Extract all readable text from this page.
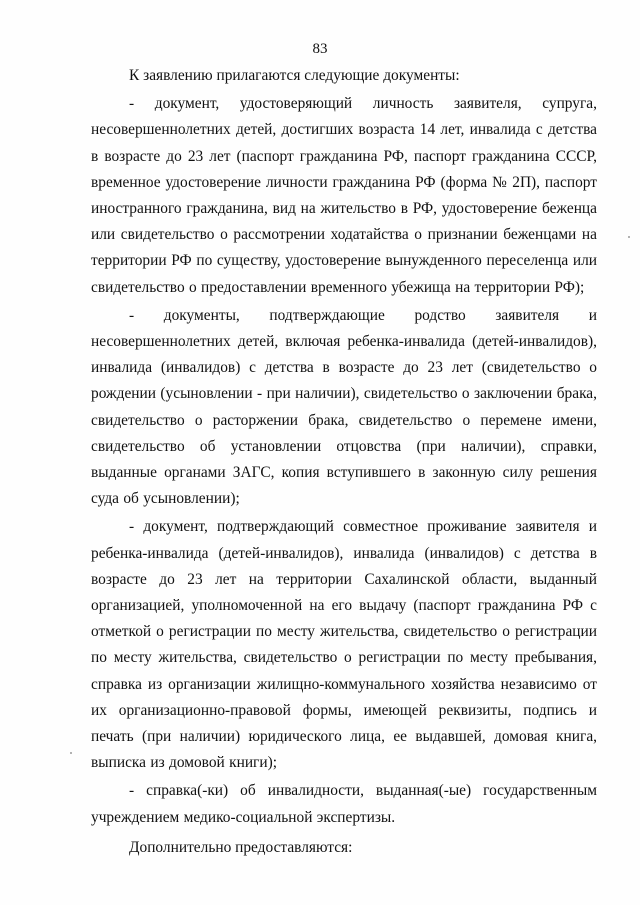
83

К заявлению прилагаются следующие документы:

- документ, удостоверяющий личность заявителя, супруга, несовершеннолетних детей, достигших возраста 14 лет, инвалида с детства в возрасте до 23 лет (паспорт гражданина РФ, паспорт гражданина СССР, временное удостоверение личности гражданина РФ (форма № 2П), паспорт иностранного гражданина, вид на жительство в РФ, удостоверение беженца или свидетельство о рассмотрении ходатайства о признании беженцами на территории РФ по существу, удостоверение вынужденного переселенца или свидетельство о предоставлении временного убежища на территории РФ);

- документы, подтверждающие родство заявителя и несовершеннолетних детей, включая ребенка-инвалида (детей-инвалидов), инвалида (инвалидов) с детства в возрасте до 23 лет (свидетельство о рождении (усыновлении - при наличии), свидетельство о заключении брака, свидетельство о расторжении брака, свидетельство о перемене имени, свидетельство об установлении отцовства (при наличии), справки, выданные органами ЗАГС, копия вступившего в законную силу решения суда об усыновлении);

- документ, подтверждающий совместное проживание заявителя и ребенка-инвалида (детей-инвалидов), инвалида (инвалидов) с детства в возрасте до 23 лет на территории Сахалинской области, выданный организацией, уполномоченной на его выдачу (паспорт гражданина РФ с отметкой о регистрации по месту жительства, свидетельство о регистрации по месту жительства, свидетельство о регистрации по месту пребывания, справка из организации жилищно-коммунального хозяйства независимо от их организационно-правовой формы, имеющей реквизиты, подпись и печать (при наличии) юридического лица, ее выдавшей, домовая книга, выписка из домовой книги);

- справка(-ки) об инвалидности, выданная(-ые) государственным учреждением медико-социальной экспертизы.

Дополнительно предоставляются:
